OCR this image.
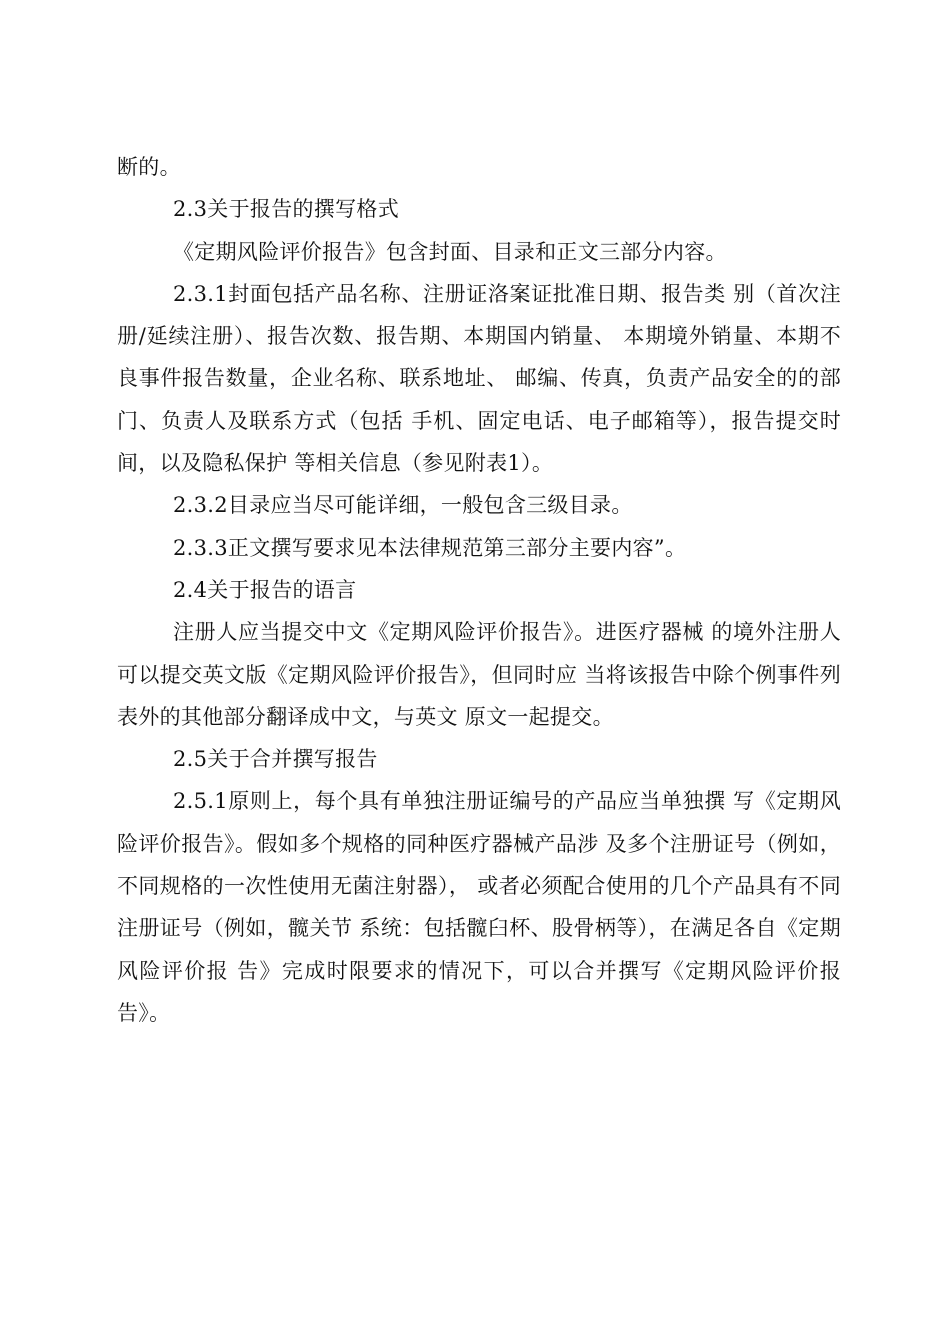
断的。

2.3关于报告的撰写格式

《定期风险评价报告》包含封面、目录和正文三部分内容。

2.3.1封面包括产品名称、注册证洛案证批准日期、报告类 别（首次注册/延续注册）、报告次数、报告期、本期国内销量、 本期境外销量、本期不良事件报告数量，企业名称、联系地址、 邮编、传真，负责产品安全的的部门、负责人及联系方式（包括 手机、固定电话、电子邮箱等），报告提交时间，以及隐私保护 等相关信息（参见附表1）。

2.3.2目录应当尽可能详细，一般包含三级目录。

2.3.3正文撰写要求见本法律规范第三部分主要内容”。

2.4关于报告的语言

注册人应当提交中文《定期风险评价报告》。进医疗器械 的境外注册人可以提交英文版《定期风险评价报告》，但同时应 当将该报告中除个例事件列表外的其他部分翻译成中文，与英文 原文一起提交。

2.5关于合并撰写报告

2.5.1原则上，每个具有单独注册证编号的产品应当单独撰 写《定期风险评价报告》。假如多个规格的同种医疗器械产品涉 及多个注册证号（例如，不同规格的一次性使用无菌注射器）， 或者必须配合使用的几个产品具有不同注册证号（例如，髋关节 系统：包括髋臼杯、股骨柄等），在满足各自《定期风险评价报 告》完成时限要求的情况下，可以合并撰写《定期风险评价报告》。
